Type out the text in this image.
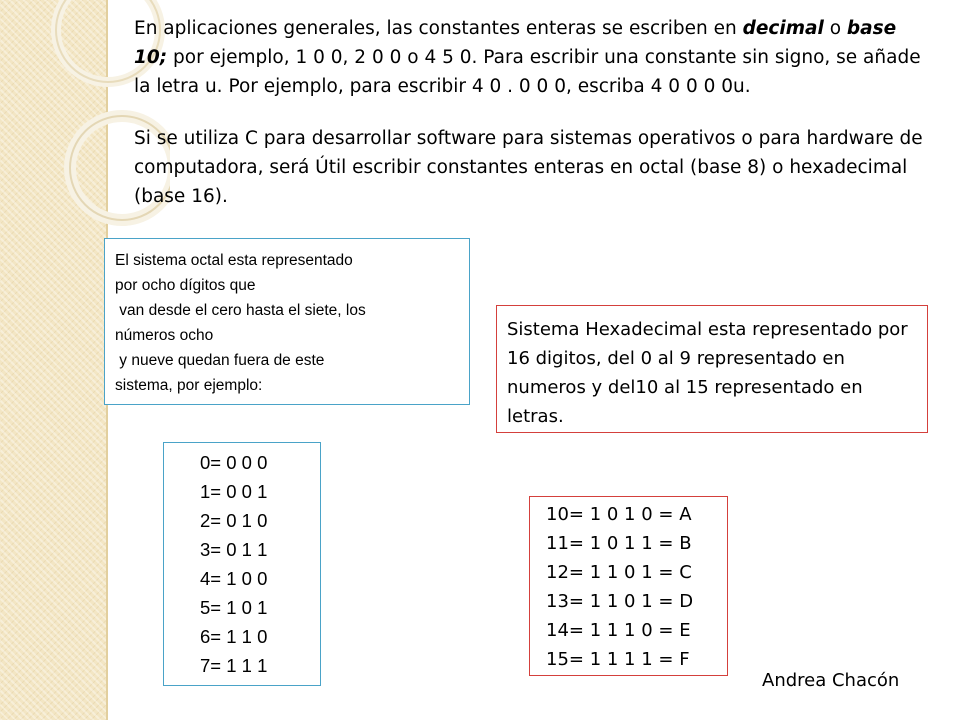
En aplicaciones generales, las constantes enteras se escriben en decimal o base 10; por ejemplo, 1 0 0, 2 0 0 o 4 5 0. Para escribir una constante sin signo, se añade la letra u. Por ejemplo, para escribir 4 0 . 0 0 0, escriba 4 0 0 0 0u.

Si se utiliza C para desarrollar software para sistemas operativos o para hardware de computadora, será Útil escribir constantes enteras en octal (base 8) o hexadecimal (base 16).

El sistema octal esta representado
por ocho dígitos que
van desde el cero hasta el siete, los
números ocho
y nueve quedan fuera de este
sistema, por ejemplo:
Sistema Hexadecimal esta representado por 16 digitos, del 0 al 9 representado en numeros y del10 al 15 representado en letras.
0= 0 0 0
1= 0 0 1
2= 0 1 0
3= 0 1 1
4= 1 0 0
5= 1 0 1
6= 1 1 0
7= 1 1 1
10= 1 0 1 0 = A
11= 1 0 1 1 = B
12= 1 1 0 1 = C
13= 1 1 0 1 = D
14= 1 1 1 0 = E
15= 1 1 1 1 = F
Andrea Chacón
